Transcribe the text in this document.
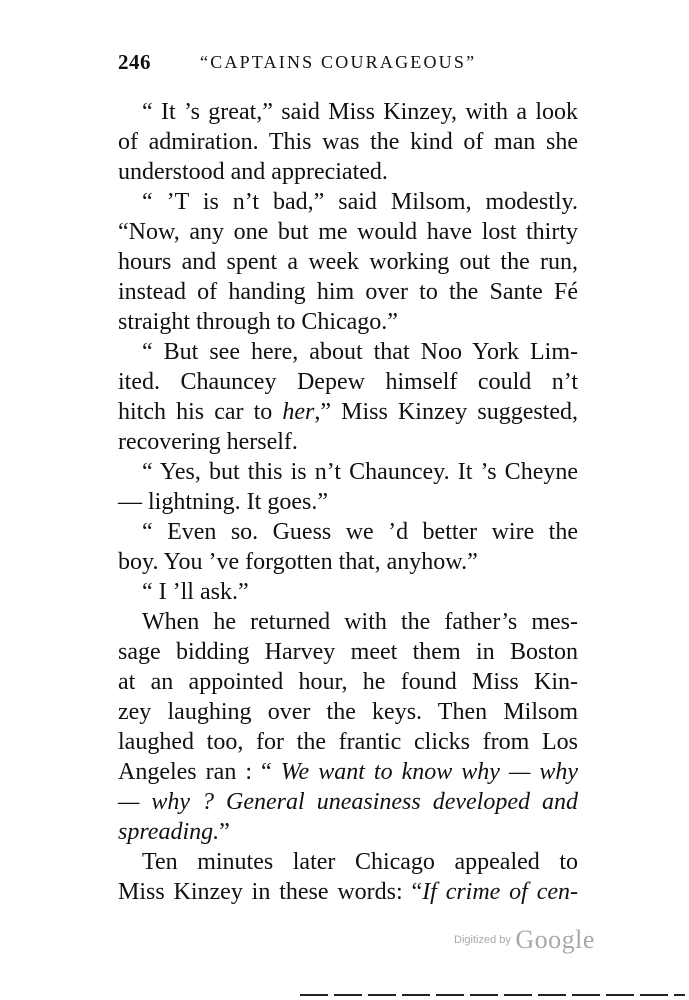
246	“CAPTAINS COURAGEOUS”
“ It ’s great,” said Miss Kinzey, with a look
of admiration. This was the kind of man she
understood and appreciated.
“ ’T is n’t bad,” said Milsom, modestly.
“Now, any one but me would have lost thirty
hours and spent a week working out the run,
instead of handing him over to the Sante Fé
straight through to Chicago.”
“ But see here, about that Noo York Lim-
ited. Chauncey Depew himself could n’t
hitch his car to her,” Miss Kinzey suggested,
recovering herself.
“ Yes, but this is n’t Chauncey. It ’s Cheyne
— lightning. It goes.”
“ Even so. Guess we ’d better wire the
boy. You ’ve forgotten that, anyhow.”
“ I ’ll ask.”
When he returned with the father’s mes-
sage bidding Harvey meet them in Boston
at an appointed hour, he found Miss Kin-
zey laughing over the keys. Then Milsom
laughed too, for the frantic clicks from Los
Angeles ran : “ We want to know why — why
— why ? General uneasiness developed and
spreading.”
Ten minutes later Chicago appealed to
Miss Kinzey in these words: “If crime of cen-
Digitized by Google
